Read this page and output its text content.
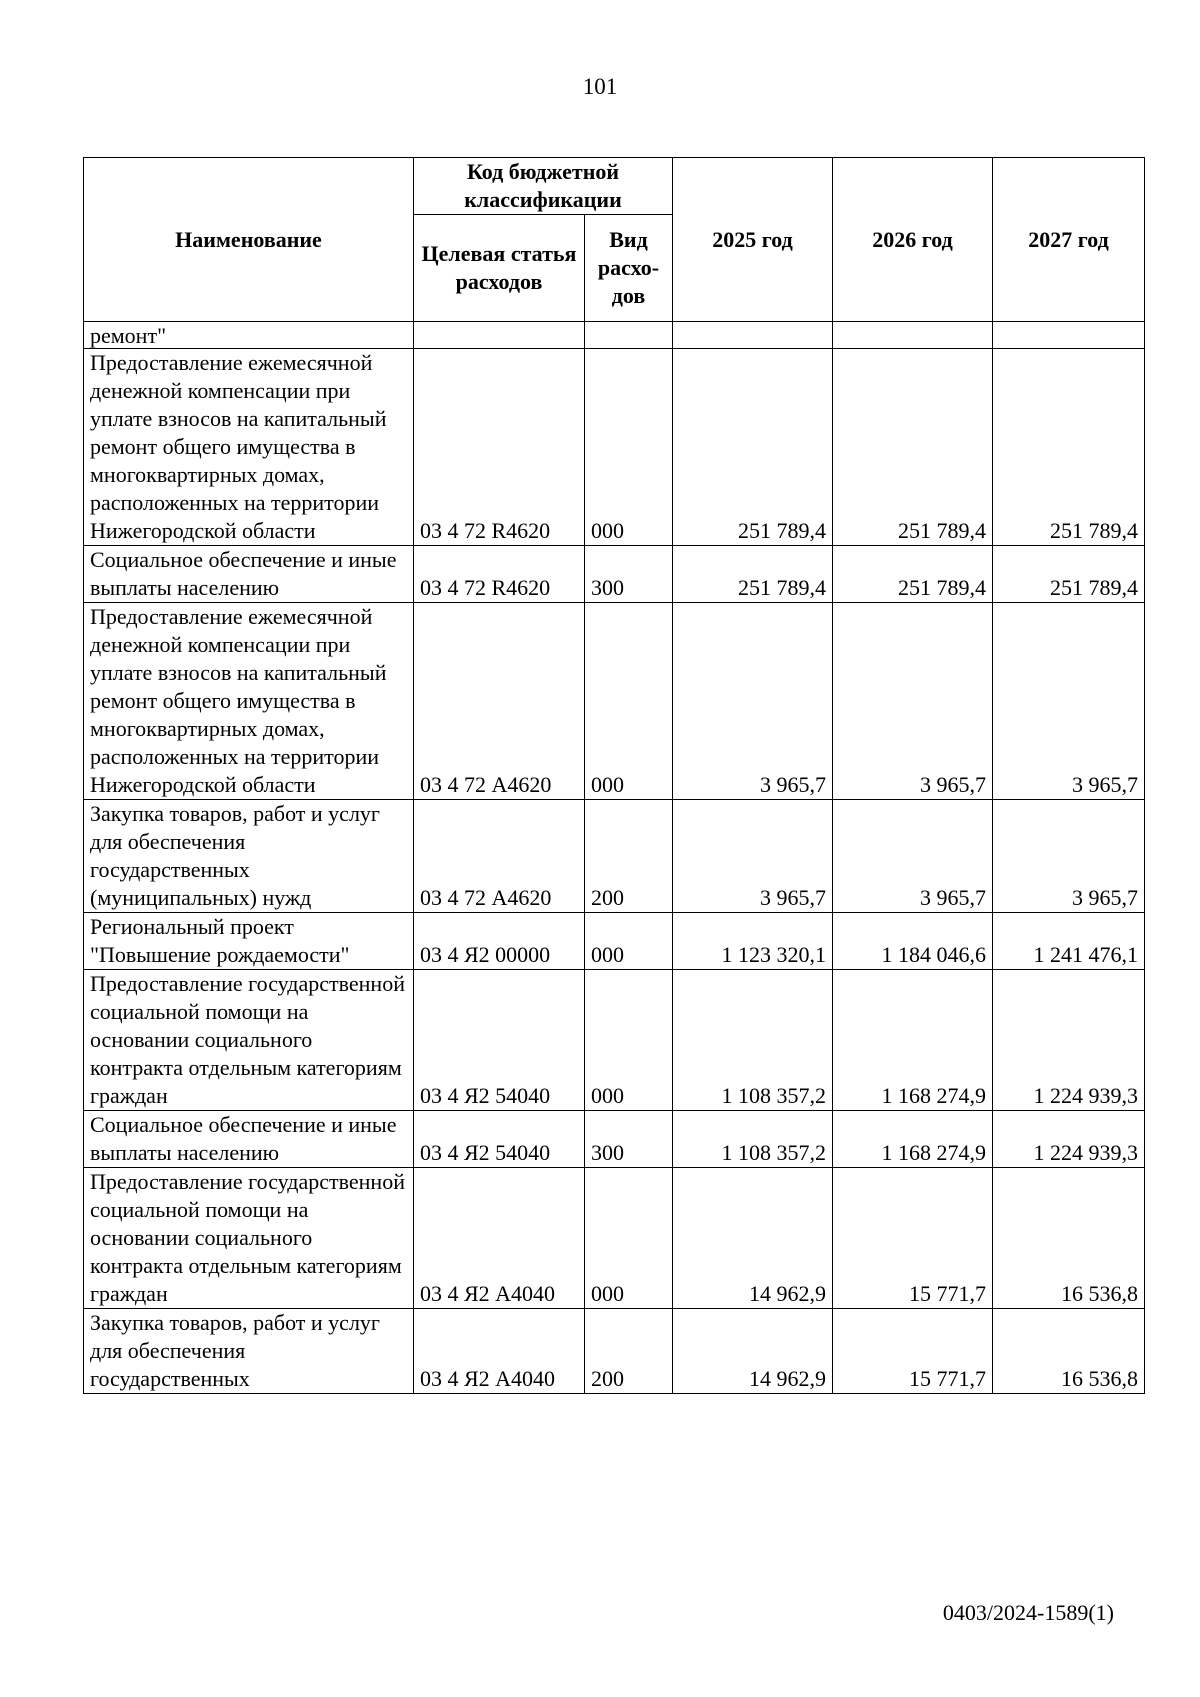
101
Наименование	Код бюджетной классификации		2025 год	2026 год	2027 год
	Целевая статья расходов	Вид расхо-дов			
ремонт"					
Предоставление ежемесячной денежной компенсации при уплате взносов на капитальный ремонт общего имущества в многоквартирных домах, расположенных на территории Нижегородской области	03 4 72 R4620	000	251 789,4	251 789,4	251 789,4
Социальное обеспечение и иные выплаты населению	03 4 72 R4620	300	251 789,4	251 789,4	251 789,4
Предоставление ежемесячной денежной компенсации при уплате взносов на капитальный ремонт общего имущества в многоквартирных домах, расположенных на территории Нижегородской области	03 4 72 А4620	000	3 965,7	3 965,7	3 965,7
Закупка товаров, работ и услуг для обеспечения государственных (муниципальных) нужд	03 4 72 А4620	200	3 965,7	3 965,7	3 965,7
Региональный проект "Повышение рождаемости"	03 4 Я2 00000	000	1 123 320,1	1 184 046,6	1 241 476,1
Предоставление государственной социальной помощи на основании социального контракта отдельным категориям граждан	03 4 Я2 54040	000	1 108 357,2	1 168 274,9	1 224 939,3
Социальное обеспечение и иные выплаты населению	03 4 Я2 54040	300	1 108 357,2	1 168 274,9	1 224 939,3
Предоставление государственной социальной помощи на основании социального контракта отдельным категориям граждан	03 4 Я2 А4040	000	14 962,9	15 771,7	16 536,8
Закупка товаров, работ и услуг для обеспечения государственных	03 4 Я2 А4040	200	14 962,9	15 771,7	16 536,8
0403/2024-1589(1)
